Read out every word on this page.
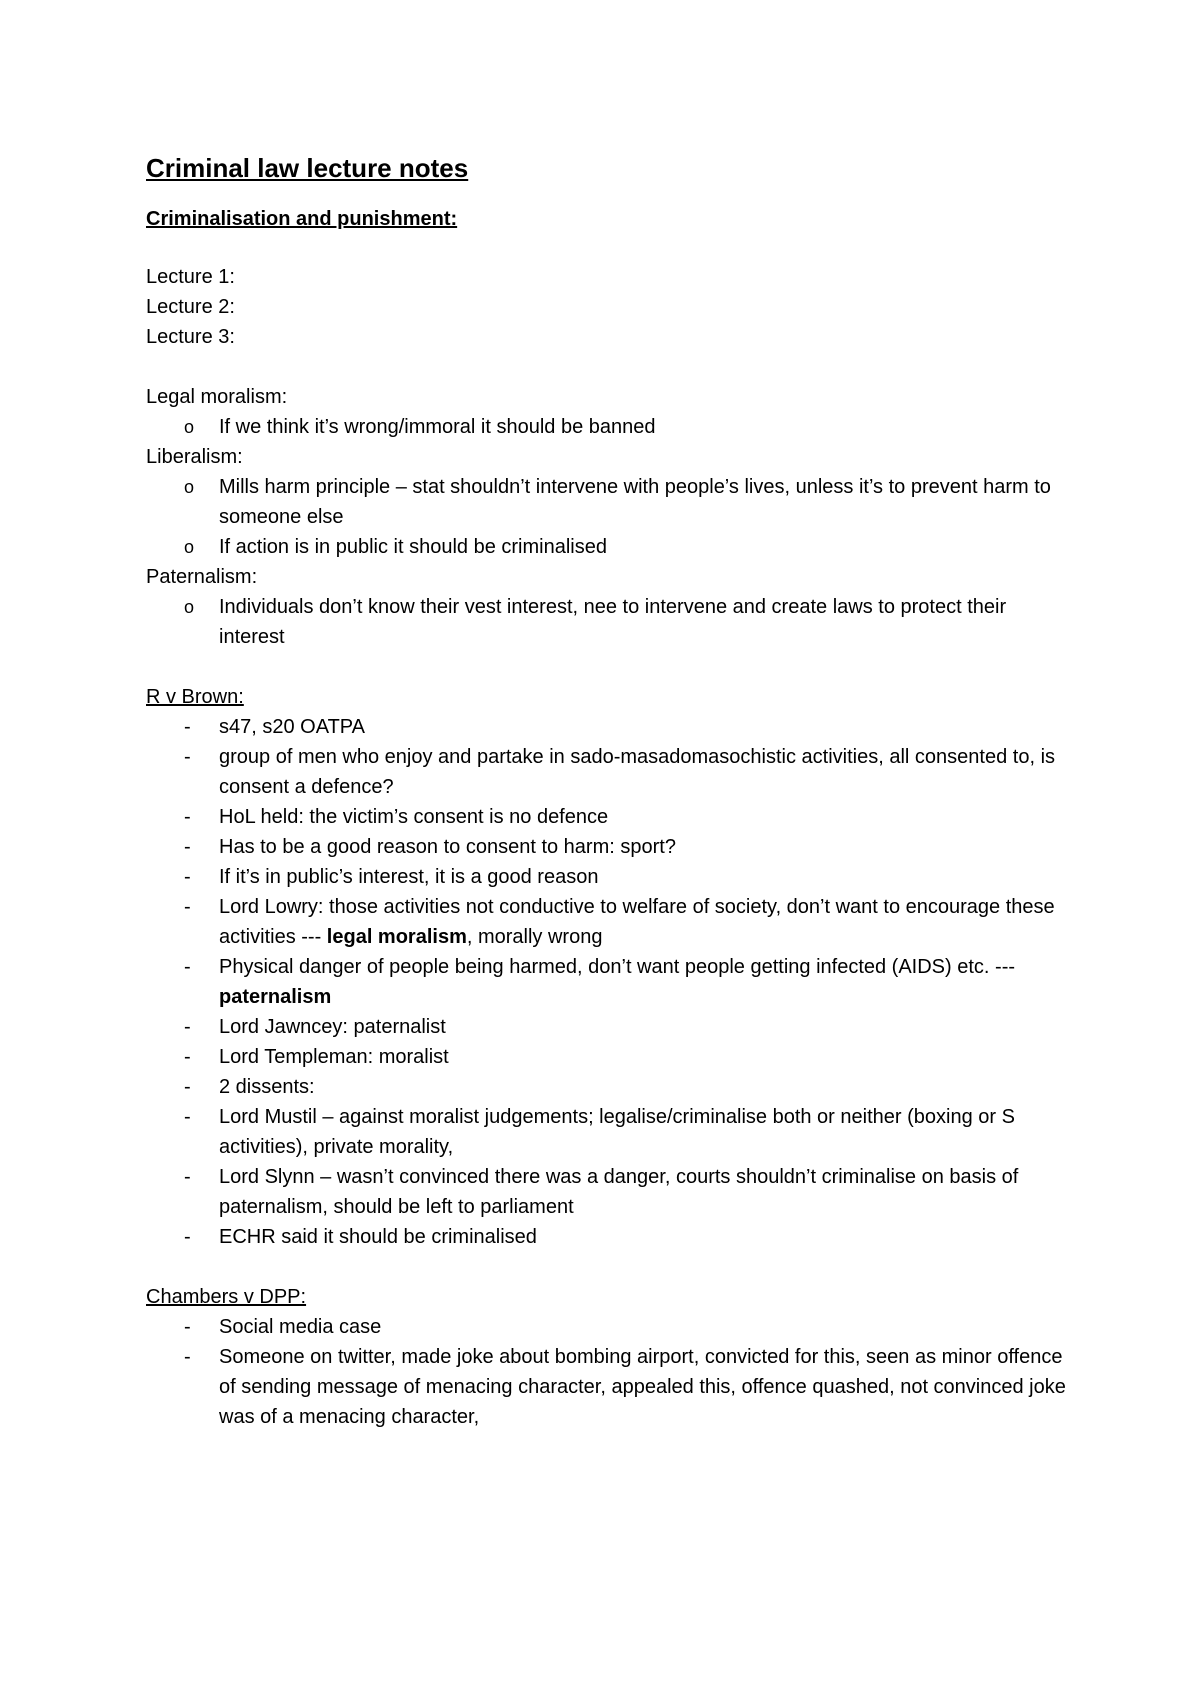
Criminal law lecture notes

Criminalisation and punishment:

Lecture 1:

Lecture 2:

Lecture 3:

Legal moralism:

o If we think it’s wrong/immoral it should be banned

Liberalism:

o Mills harm principle – stat shouldn’t intervene with people’s lives, unless it’s to prevent harm to someone else
o If action is in public it should be criminalised

Paternalism:

o Individuals don’t know their vest interest, nee to intervene and create laws to protect their interest

R v Brown:

- s47, s20 OATPA
- group of men who enjoy and partake in sado-masadomasochistic activities, all consented to, is consent a defence?
- HoL held: the victim’s consent is no defence
- Has to be a good reason to consent to harm: sport?
- If it’s in public’s interest, it is a good reason
- Lord Lowry: those activities not conductive to welfare of society, don’t want to encourage these activities --- legal moralism, morally wrong
- Physical danger of people being harmed, don’t want people getting infected (AIDS) etc. --- paternalism
- Lord Jawncey: paternalist
- Lord Templeman: moralist
- 2 dissents:
- Lord Mustil – against moralist judgements; legalise/criminalise both or neither (boxing or S activities), private morality,
- Lord Slynn – wasn’t convinced there was a danger, courts shouldn’t criminalise on basis of paternalism, should be left to parliament
- ECHR said it should be criminalised

Chambers v DPP:

- Social media case
- Someone on twitter, made joke about bombing airport, convicted for this, seen as minor offence of sending message of menacing character, appealed this, offence quashed, not convinced joke was of a menacing character,
